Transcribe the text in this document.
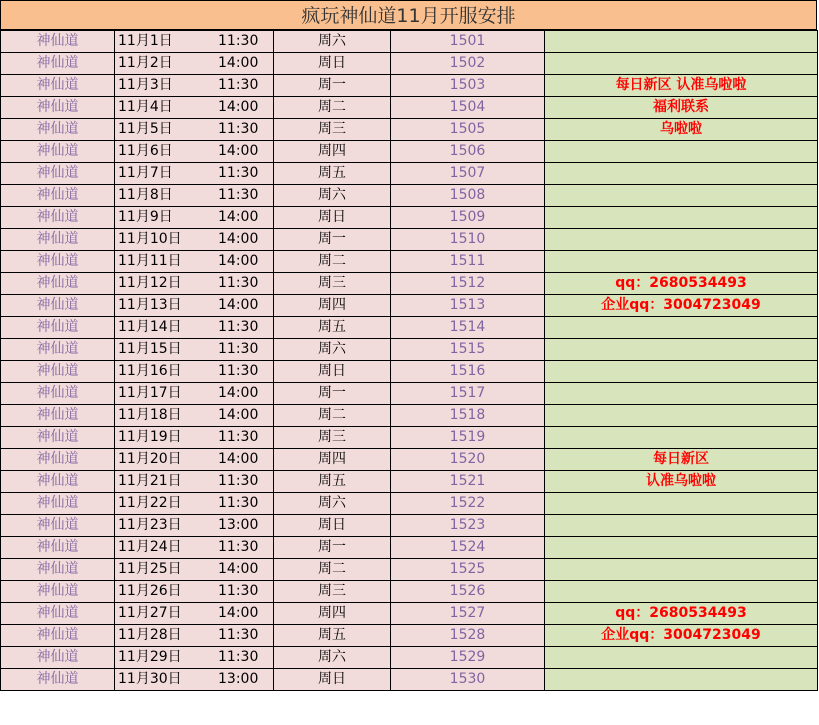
疯玩神仙道11月开服安排
神仙道	11月1日 11:30	周六	1501	
神仙道	11月2日 14:00	周日	1502	
神仙道	11月3日 11:30	周一	1503	每日新区 认准乌啦啦
神仙道	11月4日 14:00	周二	1504	福利联系
神仙道	11月5日 11:30	周三	1505	乌啦啦
神仙道	11月6日 14:00	周四	1506	
神仙道	11月7日 11:30	周五	1507	
神仙道	11月8日 11:30	周六	1508	
神仙道	11月9日 14:00	周日	1509	
神仙道	11月10日 14:00	周一	1510	
神仙道	11月11日 14:00	周二	1511	
神仙道	11月12日 11:30	周三	1512	qq：2680534493
神仙道	11月13日 14:00	周四	1513	企业qq：3004723049
神仙道	11月14日 11:30	周五	1514	
神仙道	11月15日 11:30	周六	1515	
神仙道	11月16日 11:30	周日	1516	
神仙道	11月17日 14:00	周一	1517	
神仙道	11月18日 14:00	周二	1518	
神仙道	11月19日 11:30	周三	1519	
神仙道	11月20日 14:00	周四	1520	每日新区
神仙道	11月21日 11:30	周五	1521	认准乌啦啦
神仙道	11月22日 11:30	周六	1522	
神仙道	11月23日 13:00	周日	1523	
神仙道	11月24日 11:30	周一	1524	
神仙道	11月25日 14:00	周二	1525	
神仙道	11月26日 11:30	周三	1526	
神仙道	11月27日 14:00	周四	1527	qq：2680534493
神仙道	11月28日 11:30	周五	1528	企业qq：3004723049
神仙道	11月29日 11:30	周六	1529	
神仙道	11月30日 13:00	周日	1530	
